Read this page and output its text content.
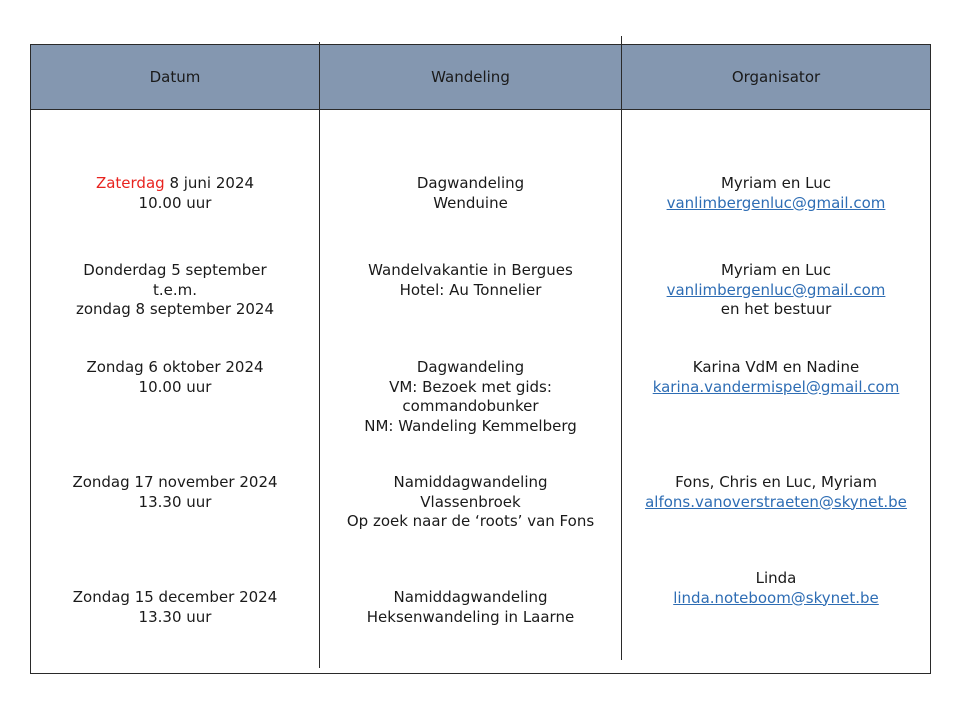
Datum	Wandeling	Organisator
Zaterdag 8 juni 2024
10.00 uur
Dagwandeling
Wenduine
Myriam en Luc
vanlimbergenluc@gmail.com
Donderdag 5 september
t.e.m.
zondag 8 september 2024
Wandelvakantie in Bergues
Hotel: Au Tonnelier
Myriam en Luc
vanlimbergenluc@gmail.com
en het bestuur
Zondag 6 oktober 2024
10.00 uur
Dagwandeling
VM: Bezoek met gids:
commandobunker
NM: Wandeling Kemmelberg
Karina VdM en Nadine
karina.vandermispel@gmail.com
Zondag 17 november 2024
13.30 uur
Namiddagwandeling
Vlassenbroek
Op zoek naar de ‘roots’ van Fons
Fons, Chris en Luc, Myriam
alfons.vanoverstraeten@skynet.be
Zondag 15 december 2024
13.30 uur
Namiddagwandeling
Heksenwandeling in Laarne
Linda
linda.noteboom@skynet.be
